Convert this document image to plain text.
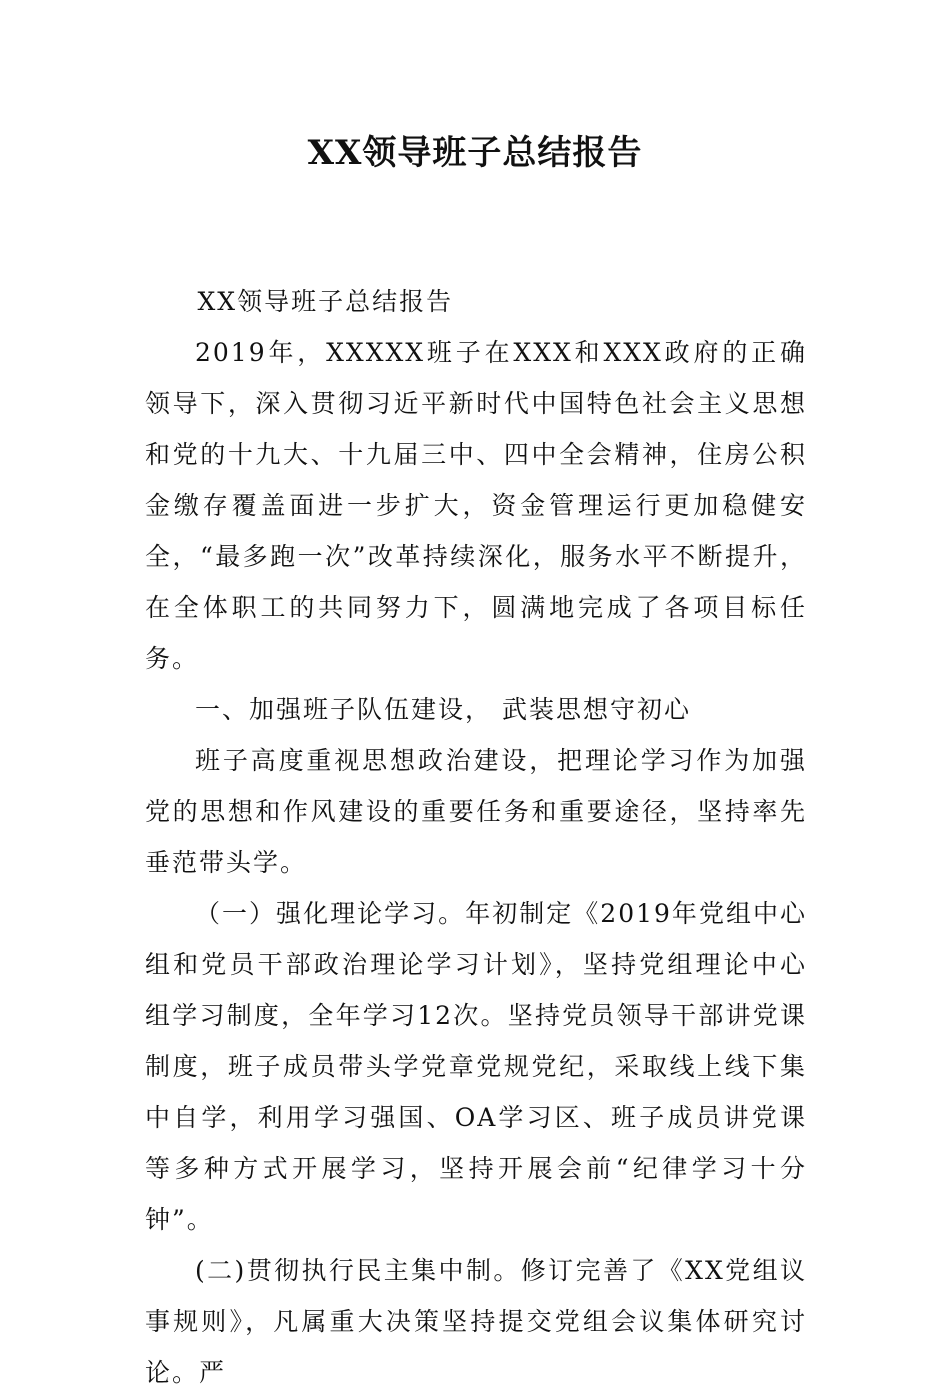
XX领导班子总结报告

XX领导班子总结报告

2019年，XXXXX班子在XXX和XXX政府的正确领导下，深入贯彻习近平新时代中国特色社会主义思想和党的十九大、十九届三中、四中全会精神，住房公积金缴存覆盖面进一步扩大，资金管理运行更加稳健安全，“最多跑一次”改革持续深化，服务水平不断提升，在全体职工的共同努力下，圆满地完成了各项目标任务。

一、加强班子队伍建设， 武装思想守初心

班子高度重视思想政治建设，把理论学习作为加强党的思想和作风建设的重要任务和重要途径，坚持率先垂范带头学。

（一）强化理论学习。年初制定《2019年党组中心组和党员干部政治理论学习计划》，坚持党组理论中心组学习制度，全年学习12次。坚持党员领导干部讲党课制度，班子成员带头学党章党规党纪，采取线上线下集中自学，利用学习强国、OA学习区、班子成员讲党课等多种方式开展学习，坚持开展会前“纪律学习十分钟”。

(二)贯彻执行民主集中制。修订完善了《XX党组议事规则》，凡属重大决策坚持提交党组会议集体研究讨论。严
